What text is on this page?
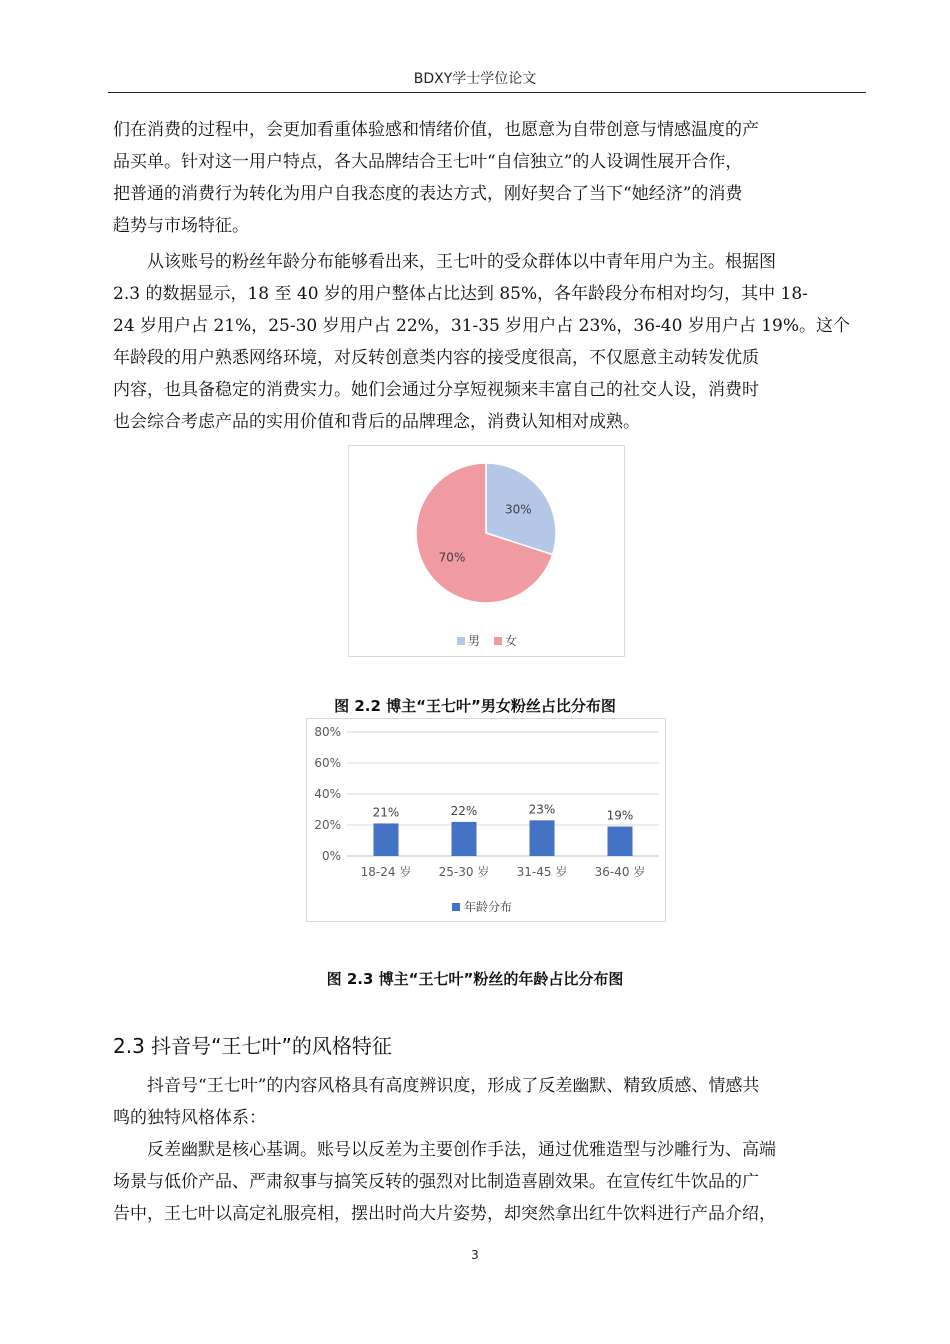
BDXY学士学位论文
们在消费的过程中，会更加看重体验感和情绪价值，也愿意为自带创意与情感温度的产
品买单。针对这一用户特点，各大品牌结合王七叶“自信独立”的人设调性展开合作，
把普通的消费行为转化为用户自我态度的表达方式，刚好契合了当下“她经济”的消费
趋势与市场特征。
　　从该账号的粉丝年龄分布能够看出来，王七叶的受众群体以中青年用户为主。根据图
2.3 的数据显示，18 至 40 岁的用户整体占比达到 85%，各年龄段分布相对均匀，其中 18-
24 岁用户占 21%，25-30 岁用户占 22%，31-35 岁用户占 23%，36-40 岁用户占 19%。这个
年龄段的用户熟悉网络环境，对反转创意类内容的接受度很高，不仅愿意主动转发优质
内容，也具备稳定的消费实力。她们会通过分享短视频来丰富自己的社交人设，消费时
也会综合考虑产品的实用价值和背后的品牌理念，消费认知相对成熟。
30%
70%
男 女
图 2.2 博主“王七叶”男女粉丝占比分布图
0%
20%
40%
60%
80%
21%
18-24 岁
22%
25-30 岁
23%
31-45 岁
19%
36-40 岁
年龄分布
图 2.3 博主“王七叶”粉丝的年龄占比分布图
2.3 抖音号“王七叶”的风格特征
　　抖音号“王七叶”的内容风格具有高度辨识度，形成了反差幽默、精致质感、情感共
鸣的独特风格体系：
　　反差幽默是核心基调。账号以反差为主要创作手法，通过优雅造型与沙雕行为、高端
场景与低价产品、严肃叙事与搞笑反转的强烈对比制造喜剧效果。在宣传红牛饮品的广
告中，王七叶以高定礼服亮相，摆出时尚大片姿势，却突然拿出红牛饮料进行产品介绍，
3
